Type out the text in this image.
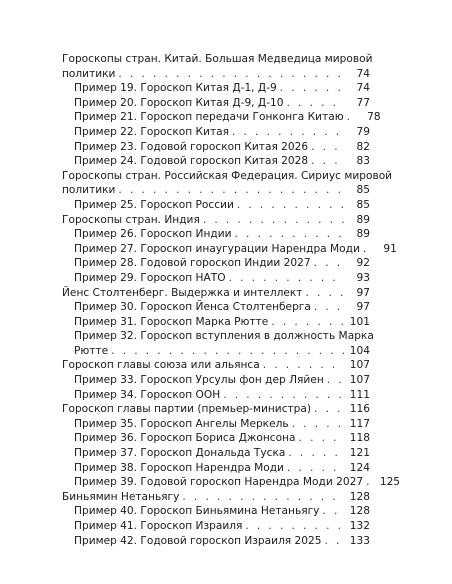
Гороскопы стран. Китай. Большая Медведица мировой
политики . . .	74
Пример 19. Гороскоп Китая Д-1, Д-9 . . .	74
Пример 20. Гороскоп Китая Д-9, Д-10 . . .	77
Пример 21. Гороскоп передачи Гонконга Китаю . . .	78
Пример 22. Гороскоп Китая . . .	79
Пример 23. Годовой гороскоп Китая 2026 . . .	82
Пример 24. Годовой гороскоп Китая 2028 . . .	83
Гороскопы стран. Российская Федерация. Сириус мировой
политики . . .	85
Пример 25. Гороскоп России . . .	85
Гороскопы стран. Индия . . .	89
Пример 26. Гороскоп Индии . . .	89
Пример 27. Гороскоп инаугурации Нарендра Моди . . .	91
Пример 28. Годовой гороскоп Индии 2027 . . .	92
Пример 29. Гороскоп НАТО . . .	93
Йенс Столтенберг. Выдержка и интеллект . . .	97
Пример 30. Гороскоп Йенса Столтенберга . . .	97
Пример 31. Гороскоп Марка Рютте . . .	101
Пример 32. Гороскоп вступления в должность Марка
Рютте . . .	104
Гороскоп главы союза или альянса . . .	107
Пример 33. Гороскоп Урсулы фон дер Ляйен . . .	107
Пример 34. Гороскоп ООН . . .	111
Гороскоп главы партии (премьер-министра) . . .	116
Пример 35. Гороскоп Ангелы Меркель . . .	117
Пример 36. Гороскоп Бориса Джонсона . . .	118
Пример 37. Гороскоп Дональда Туска . . .	121
Пример 38. Гороскоп Нарендра Моди . . .	124
Пример 39. Годовой гороскоп Нарендра Моди 2027 . . .	125
Биньямин Нетаньягу . . .	128
Пример 40. Гороскоп Биньямина Нетаньягу . . .	128
Пример 41. Гороскоп Израиля . . .	132
Пример 42. Годовой гороскоп Израиля 2025 . . .	133
